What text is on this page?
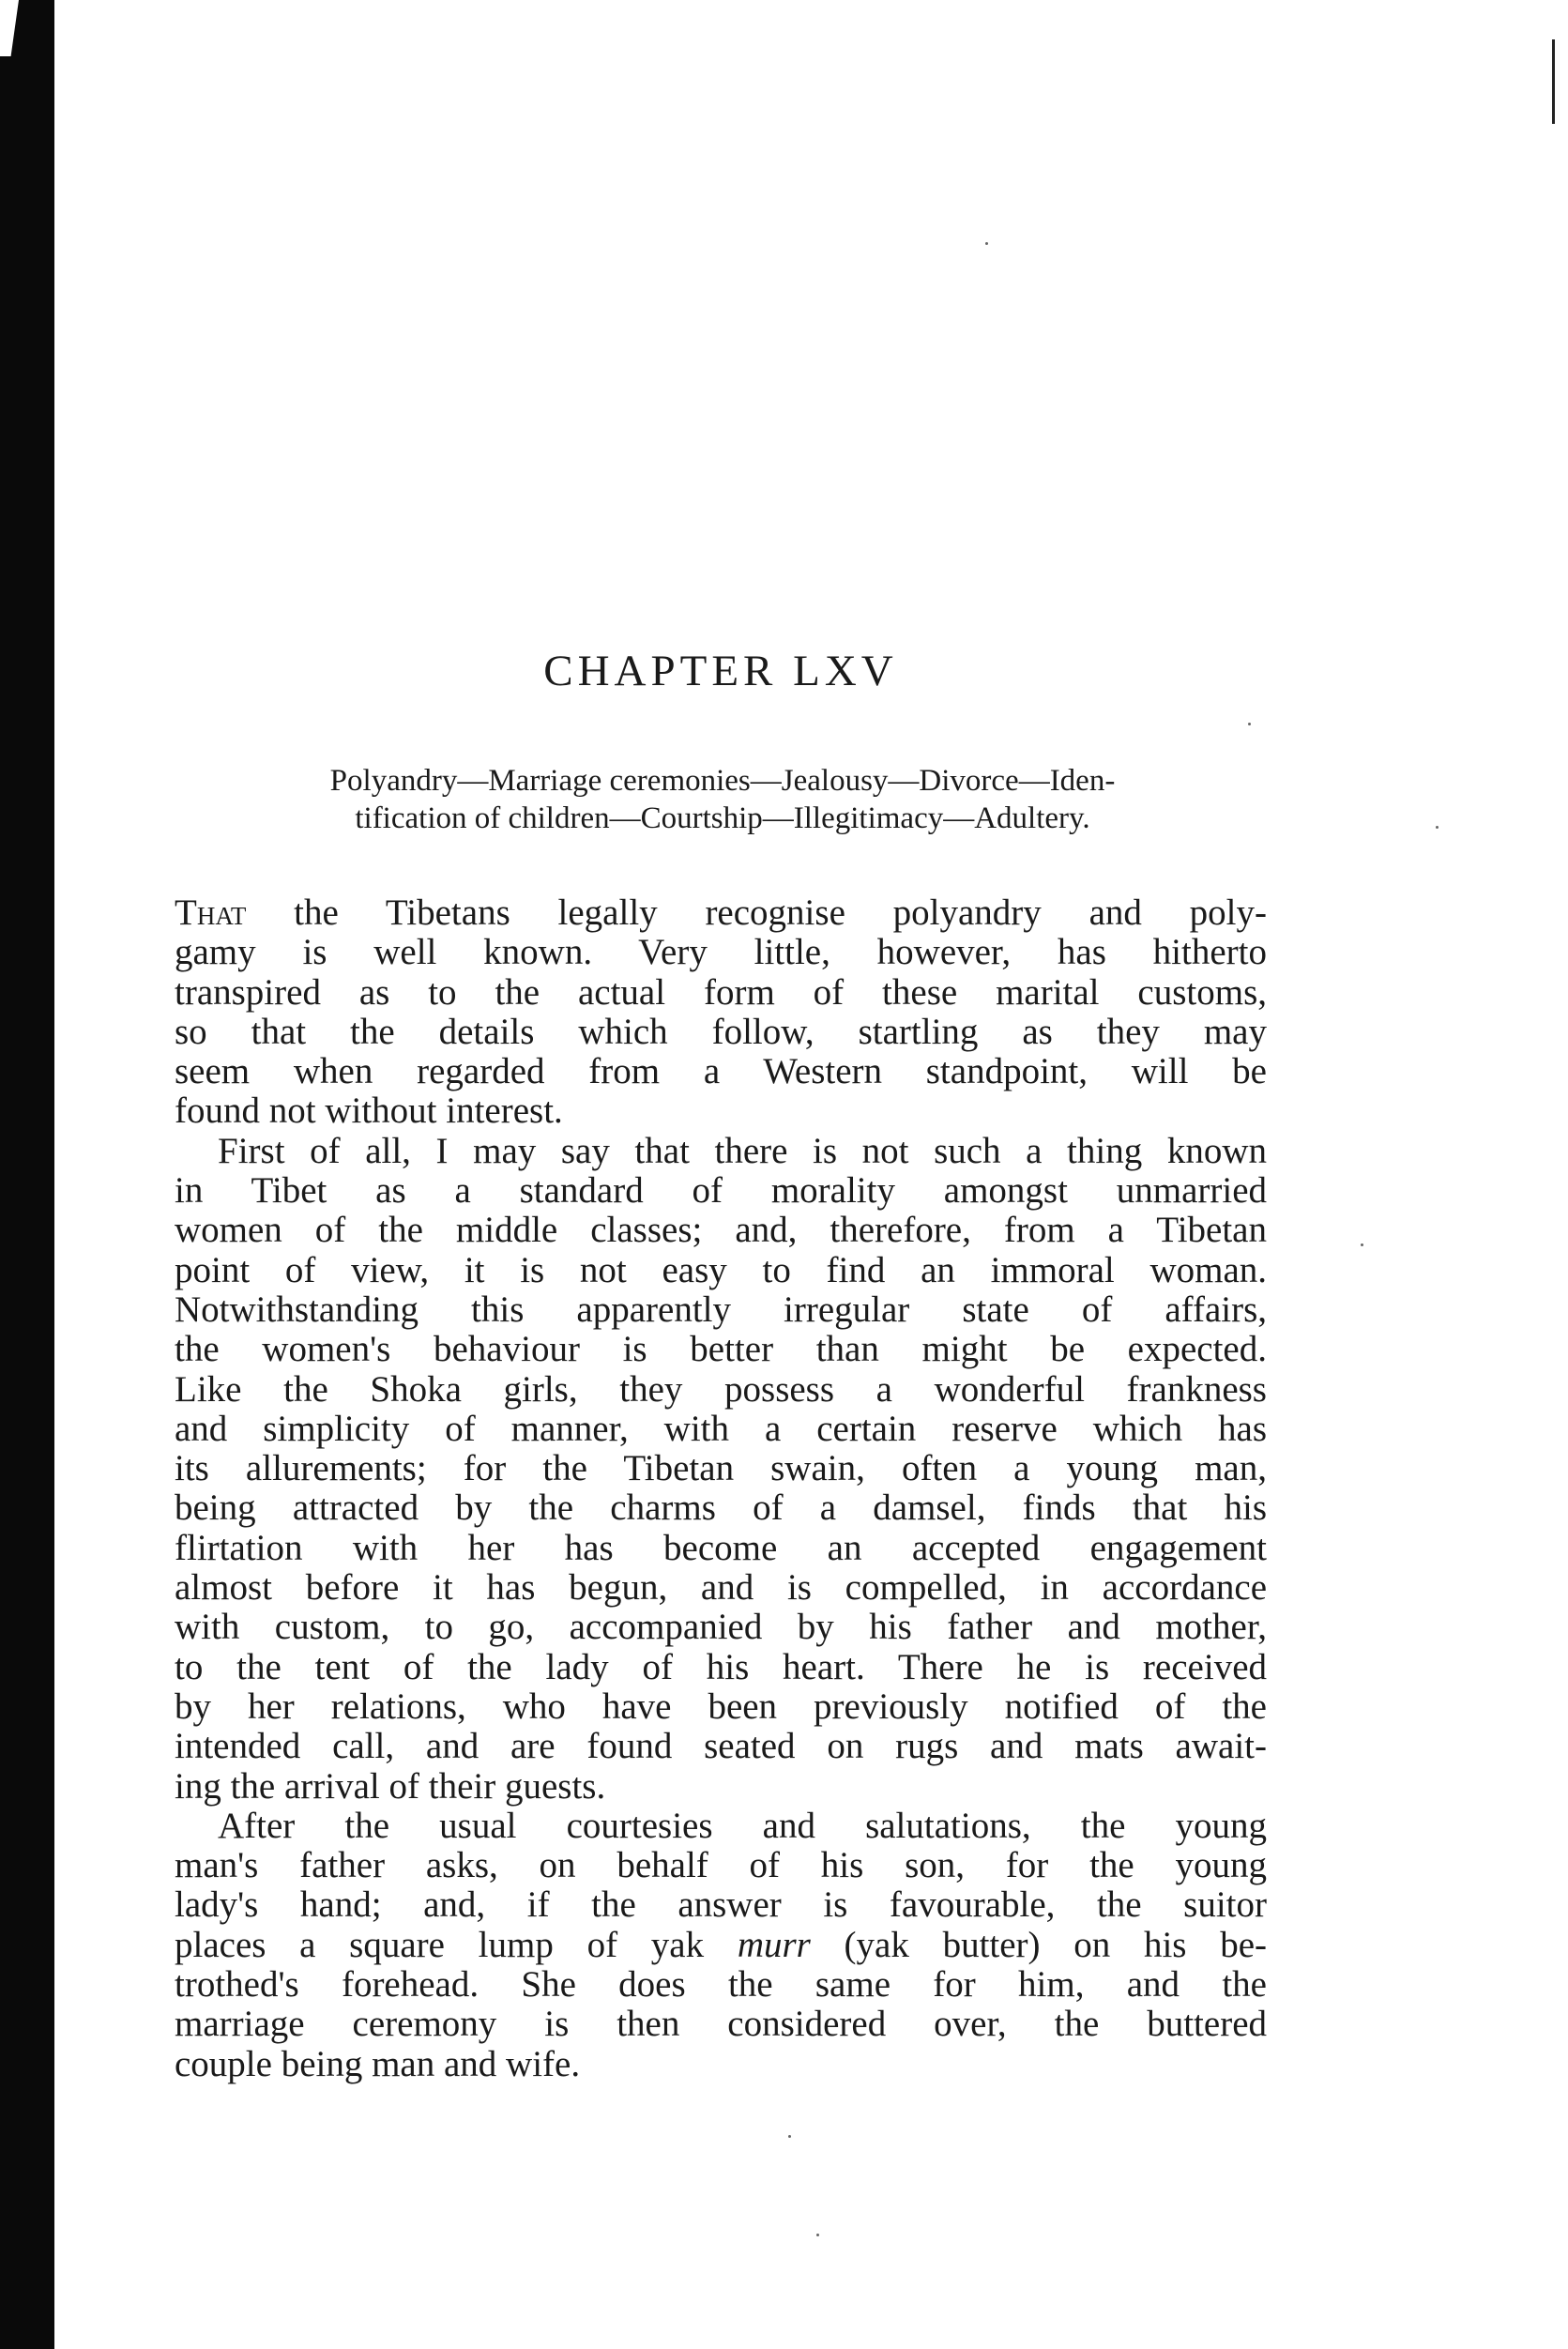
CHAPTER LXV
Polyandry—Marriage ceremonies—Jealousy—Divorce—Iden-
tification of children—Courtship—Illegitimacy—Adultery.

That the Tibetans legally recognise polyandry and poly-
gamy is well known. Very little, however, has hitherto
transpired as to the actual form of these marital customs,
so that the details which follow, startling as they may
seem when regarded from a Western standpoint, will be
found not without interest.

First of all, I may say that there is not such a thing known
in Tibet as a standard of morality amongst unmarried
women of the middle classes; and, therefore, from a Tibetan
point of view, it is not easy to find an immoral woman.
Notwithstanding this apparently irregular state of affairs,
the women's behaviour is better than might be expected.
Like the Shoka girls, they possess a wonderful frankness
and simplicity of manner, with a certain reserve which has
its allurements; for the Tibetan swain, often a young man,
being attracted by the charms of a damsel, finds that his
flirtation with her has become an accepted engagement
almost before it has begun, and is compelled, in accordance
with custom, to go, accompanied by his father and mother,
to the tent of the lady of his heart. There he is received
by her relations, who have been previously notified of the
intended call, and are found seated on rugs and mats await-
ing the arrival of their guests.

After the usual courtesies and salutations, the young
man's father asks, on behalf of his son, for the young
lady's hand; and, if the answer is favourable, the suitor
places a square lump of yak murr (yak butter) on his be-
trothed's forehead. She does the same for him, and the
marriage ceremony is then considered over, the buttered
couple being man and wife.
